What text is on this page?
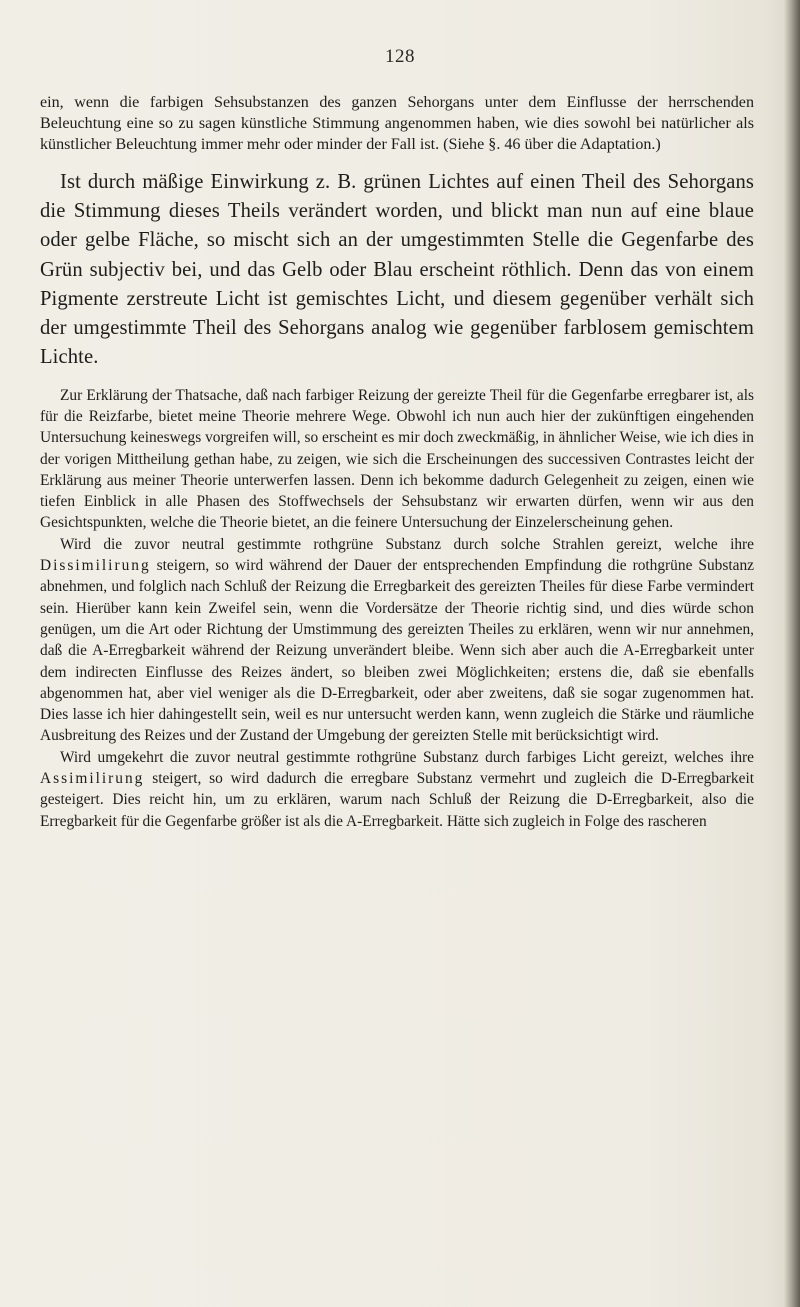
128

ein, wenn die farbigen Sehsubstanzen des ganzen Sehorgans unter dem Einflusse der herrschenden Beleuchtung eine so zu sagen künstliche Stimmung angenommen haben, wie dies sowohl bei natürlicher als künstlicher Beleuchtung immer mehr oder minder der Fall ist. (Siehe §. 46 über die Adaptation.)

Ist durch mäßige Einwirkung z. B. grünen Lichtes auf einen Theil des Sehorgans die Stimmung dieses Theils verändert worden, und blickt man nun auf eine blaue oder gelbe Fläche, so mischt sich an der umgestimmten Stelle die Gegenfarbe des Grün subjectiv bei, und das Gelb oder Blau erscheint röthlich. Denn das von einem Pigmente zerstreute Licht ist gemischtes Licht, und diesem gegenüber verhält sich der umgestimmte Theil des Sehorgans analog wie gegenüber farblosem gemischtem Lichte.

Zur Erklärung der Thatsache, daß nach farbiger Reizung der gereizte Theil für die Gegenfarbe erregbarer ist, als für die Reizfarbe, bietet meine Theorie mehrere Wege. Obwohl ich nun auch hier der zukünftigen eingehenden Untersuchung keineswegs vorgreifen will, so erscheint es mir doch zweckmäßig, in ähnlicher Weise, wie ich dies in der vorigen Mittheilung gethan habe, zu zeigen, wie sich die Erscheinungen des successiven Contrastes leicht der Erklärung aus meiner Theorie unterwerfen lassen. Denn ich bekomme dadurch Gelegenheit zu zeigen, einen wie tiefen Einblick in alle Phasen des Stoffwechsels der Sehsubstanz wir erwarten dürfen, wenn wir aus den Gesichtspunkten, welche die Theorie bietet, an die feinere Untersuchung der Einzelerscheinung gehen.

Wird die zuvor neutral gestimmte rothgrüne Substanz durch solche Strahlen gereizt, welche ihre Dissimilirung steigern, so wird während der Dauer der entsprechenden Empfindung die rothgrüne Substanz abnehmen, und folglich nach Schluß der Reizung die Erregbarkeit des gereizten Theiles für diese Farbe vermindert sein. Hierüber kann kein Zweifel sein, wenn die Vordersätze der Theorie richtig sind, und dies würde schon genügen, um die Art oder Richtung der Umstimmung des gereizten Theiles zu erklären, wenn wir nur annehmen, daß die A-Erregbarkeit während der Reizung unverändert bleibe. Wenn sich aber auch die A-Erregbarkeit unter dem indirecten Einflusse des Reizes ändert, so bleiben zwei Möglichkeiten; erstens die, daß sie ebenfalls abgenommen hat, aber viel weniger als die D-Erregbarkeit, oder aber zweitens, daß sie sogar zugenommen hat. Dies lasse ich hier dahingestellt sein, weil es nur untersucht werden kann, wenn zugleich die Stärke und räumliche Ausbreitung des Reizes und der Zustand der Umgebung der gereizten Stelle mit berücksichtigt wird.

Wird umgekehrt die zuvor neutral gestimmte rothgrüne Substanz durch farbiges Licht gereizt, welches ihre Assimilirung steigert, so wird dadurch die erregbare Substanz vermehrt und zugleich die D-Erregbarkeit gesteigert. Dies reicht hin, um zu erklären, warum nach Schluß der Reizung die D-Erregbarkeit, also die Erregbarkeit für die Gegenfarbe größer ist als die A-Erregbarkeit. Hätte sich zugleich in Folge des rascheren
